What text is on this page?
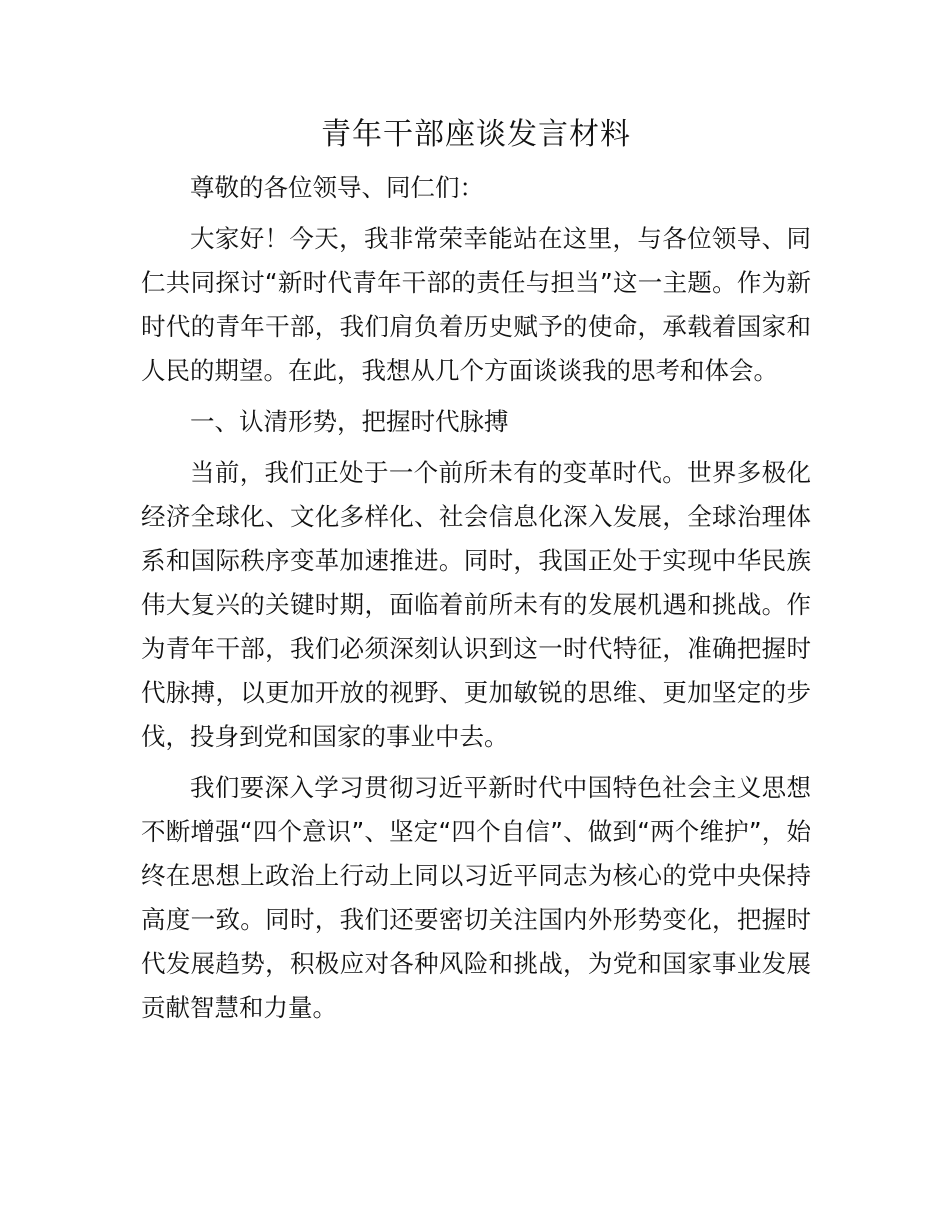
青年干部座谈发言材料

尊敬的各位领导、同仁们：

大家好！今天，我非常荣幸能站在这里，与各位领导、同仁共同探讨“新时代青年干部的责任与担当”这一主题。作为新时代的青年干部，我们肩负着历史赋予的使命，承载着国家和人民的期望。在此，我想从几个方面谈谈我的思考和体会。

一、认清形势，把握时代脉搏

当前，我们正处于一个前所未有的变革时代。世界多极化经济全球化、文化多样化、社会信息化深入发展，全球治理体系和国际秩序变革加速推进。同时，我国正处于实现中华民族伟大复兴的关键时期，面临着前所未有的发展机遇和挑战。作为青年干部，我们必须深刻认识到这一时代特征，准确把握时代脉搏，以更加开放的视野、更加敏锐的思维、更加坚定的步伐，投身到党和国家的事业中去。

我们要深入学习贯彻习近平新时代中国特色社会主义思想不断增强“四个意识”、坚定“四个自信”、做到“两个维护”，始终在思想上政治上行动上同以习近平同志为核心的党中央保持高度一致。同时，我们还要密切关注国内外形势变化，把握时代发展趋势，积极应对各种风险和挑战，为党和国家事业发展贡献智慧和力量。
